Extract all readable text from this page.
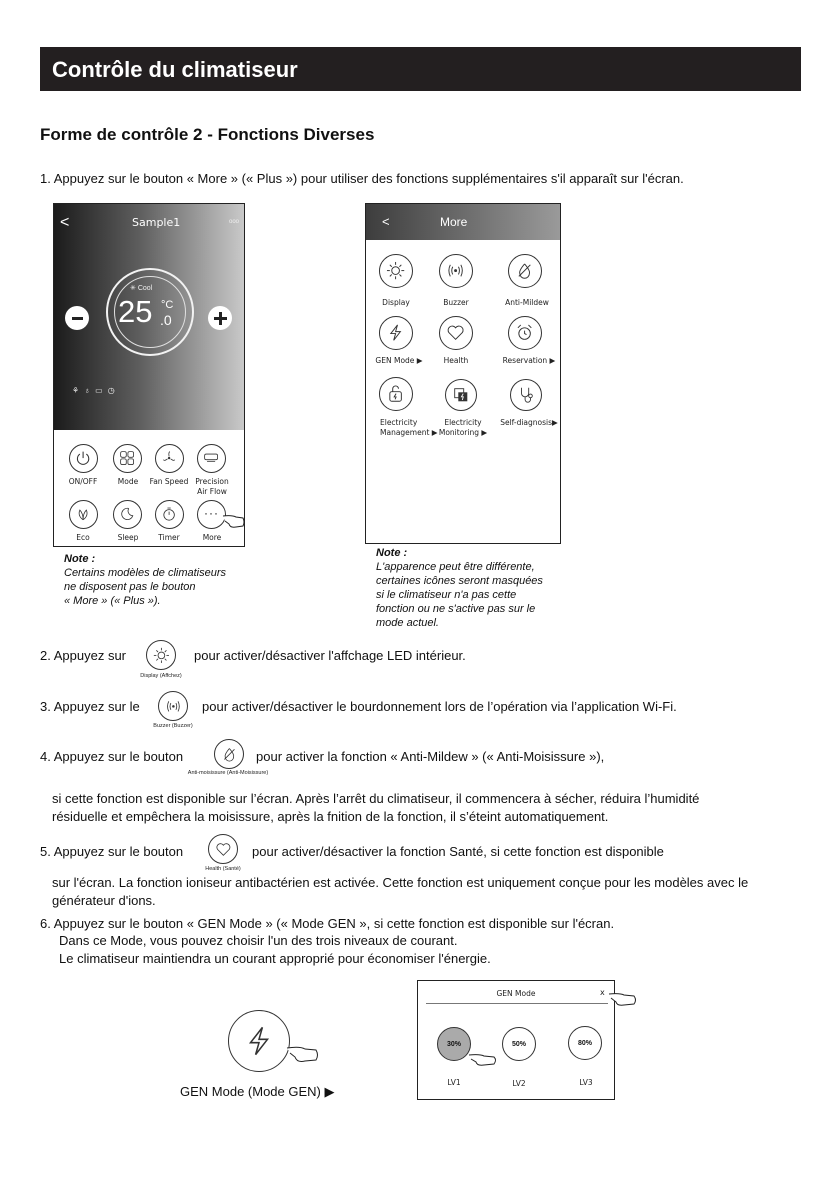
Contrôle du climatiseur
Forme de contrôle 2 - Fonctions Diverses
1. Appuyez sur le bouton « More » (« Plus ») pour utiliser des fonctions supplémentaires s'il apparaît sur l'écran.
<	Sample1	ooo
✳ Cool
25 °C
.0
⚘♁▭◷
ON/OFF	Mode	Fan Speed Precision
Air Flow
···
Eco	Sleep	Timer	More
Note :
Certains modèles de climatiseurs
ne disposent pas le bouton
« More » (« Plus »).
<	More
Display	Buzzer	Anti-Mildew
GEN Mode ▶	Health	Reservation ▶
Electricity
Management ▶
Electricity
Monitoring ▶
Self-diagnosis▶
Note :
L'apparence peut être différente,
certaines icônes seront masquées
si le climatiseur n'a pas cette
fonction ou ne s'active pas sur le
mode actuel.
2. Appuyez sur
Display (Affchez)
pour activer/désactiver l'affchage LED intérieur.
3. Appuyez sur le
Buzzer (Buzzer)
pour activer/désactiver le bourdonnement lors de l’opération via l’application Wi-Fi.
4. Appuyez sur le bouton
Anti-moisissure (Anti-Moisissure)
pour activer la fonction « Anti-Mildew » (« Anti-Moisissure »),
si cette fonction est disponible sur l’écran. Après l’arrêt du climatiseur, il commencera à sécher, réduira l’humidité
résiduelle et empêchera la moisissure, après la fnition de la fonction, il s’éteint automatiquement.
5. Appuyez sur le bouton
Health (Santé)
pour activer/désactiver la fonction Santé, si cette fonction est disponible
sur l'écran. La fonction ioniseur antibactérien est activée. Cette fonction est uniquement conçue pour les modèles avec le
générateur d'ions.
6. Appuyez sur le bouton « GEN Mode » (« Mode GEN », si cette fonction est disponible sur l'écran.
Dans ce Mode, vous pouvez choisir l'un des trois niveaux de courant.
Le climatiseur maintiendra un courant approprié pour économiser l'énergie.
GEN Mode (Mode GEN) ▶
GEN Mode	x
30%	50%	80%
LV1	LV2	LV3
